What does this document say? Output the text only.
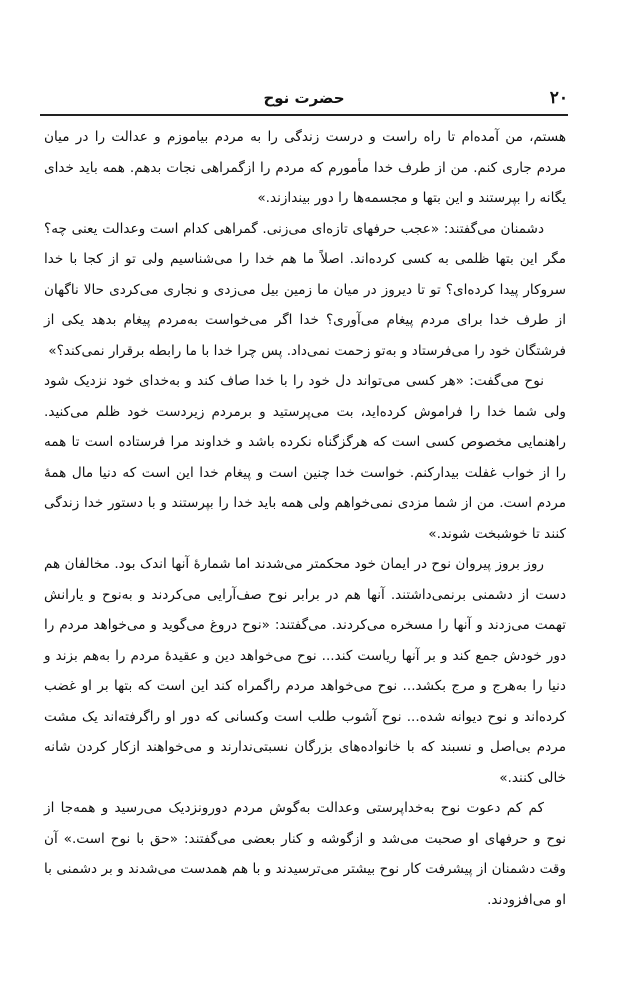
۲۰
حضرت نوح

هستم، من آمده‌ام تا راه راست و درست زندگی را به مردم بیاموزم و عدالت را در میان مردم جاری کنم. من از طرف خدا مأمورم که مردم را ازگمراهی نجات بدهم. همه باید خدای یگانه را بپرستند و این بتها و مجسمه‌ها را دور بیندازند.»

دشمنان می‌گفتند: «عجب حرفهای تازه‌ای می‌زنی. گمراهی کدام است وعدالت یعنی چه؟ مگر این بتها ظلمی به کسی کرده‌اند. اصلاً ما هم خدا را می‌شناسیم ولی تو از کجا با خدا سروکار پیدا کرده‌ای؟ تو تا دیروز در میان ما زمین بیل می‌زدی و نجاری می‌کردی حالا ناگهان از طرف خدا برای مردم پیغام می‌آوری؟ خدا اگر می‌خواست به‌مردم پیغام بدهد یکی از فرشتگان خود را می‌فرستاد و به‌تو زحمت نمی‌داد. پس چرا خدا با ما رابطه برقرار نمی‌کند؟»

نوح می‌گفت: «هر کسی می‌تواند دل خود را با خدا صاف کند و به‌خدای خود نزدیک شود ولی شما خدا را فراموش کرده‌اید، بت می‌پرستید و برمردم زیردست خود ظلم می‌کنید. راهنمایی مخصوص کسی است که هرگزگناه نکرده باشد و خداوند مرا فرستاده است تا همه را از خواب غفلت بیدارکنم. خواست خدا چنین است و پیغام خدا این است که دنیا مال همهٔ مردم است. من از شما مزدی نمی‌خواهم ولی همه باید خدا را بپرستند و با دستور خدا زندگی کنند تا خوشبخت شوند.»

روز بروز پیروان نوح در ایمان خود محکمتر می‌شدند اما شمارهٔ آنها اندک بود. مخالفان هم دست از دشمنی برنمی‌داشتند. آنها هم در برابر نوح صف‌آرایی می‌کردند و به‌نوح و یارانش تهمت می‌زدند و آنها را مسخره می‌کردند. می‌گفتند: «نوح دروغ می‌گوید و می‌خواهد مردم را دور خودش جمع کند و بر آنها ریاست کند... نوح می‌خواهد دین و عقیدهٔ مردم را به‌هم بزند و دنیا را به‌هرج و مرج بکشد... نوح می‌خواهد مردم راگمراه کند این است که بتها بر او غضب کرده‌اند و نوح دیوانه شده... نوح آشوب طلب است وکسانی که دور او راگرفته‌اند یک مشت مردم بی‌اصل و نسبند که با خانواده‌های بزرگان نسبتی‌ندارند و می‌خواهند ازکار کردن شانه خالی کنند.»

کم کم دعوت نوح به‌خداپرستی وعدالت به‌گوش مردم دورونزدیک می‌رسید و همه‌جا از نوح و حرفهای او صحبت می‌شد و ازگوشه و کنار بعضی می‌گفتند: «حق با نوح است.» آن وقت دشمنان از پیشرفت کار نوح بیشتر می‌ترسیدند و با هم همدست می‌شدند و بر دشمنی با او می‌افزودند.
